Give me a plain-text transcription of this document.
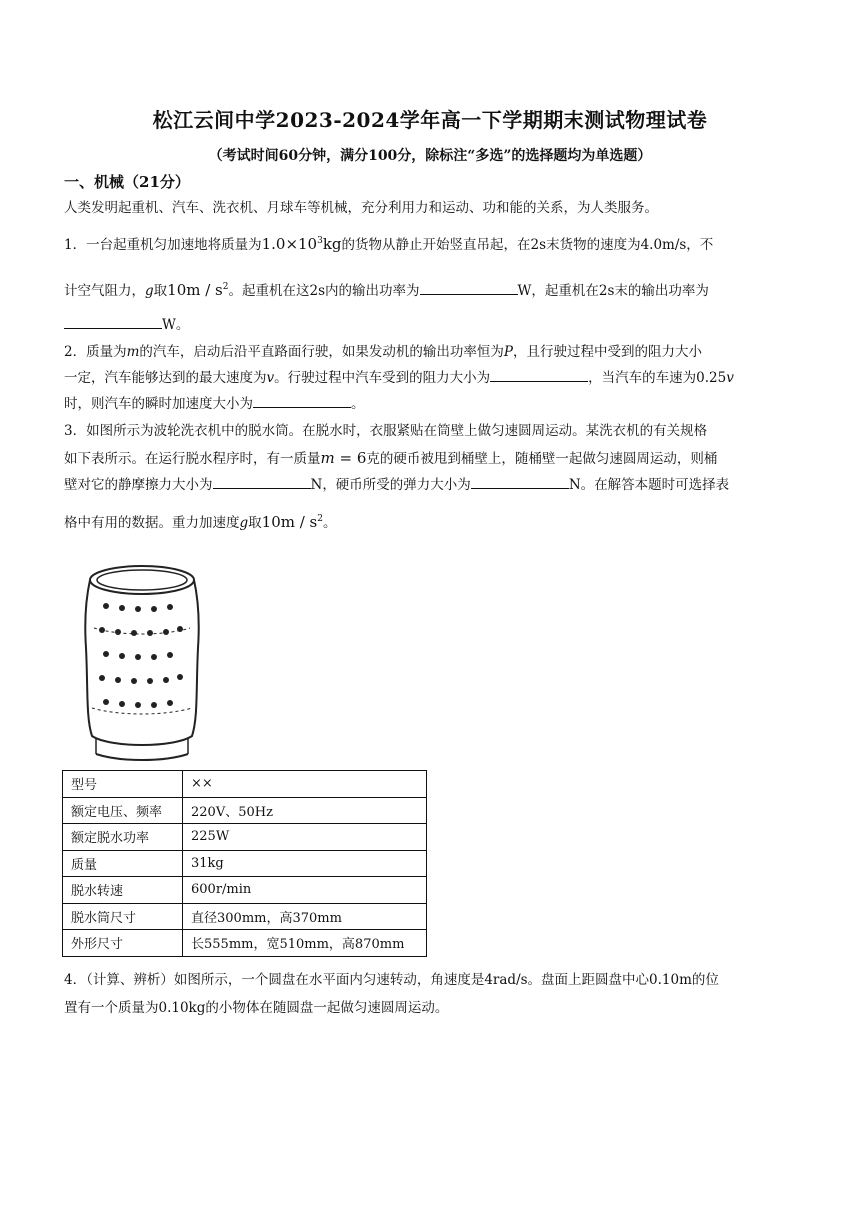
松江云间中学2023-2024学年高一下学期期末测试物理试卷
（考试时间60分钟，满分100分，除标注“多选”的选择题均为单选题）
一、机械（21分）
人类发明起重机、汽车、洗衣机、月球车等机械，充分利用力和运动、功和能的关系，为人类服务。
1．一台起重机匀加速地将质量为$1.0\times 10^3kg$的货物从静止开始竖直吊起，在2s末货物的速度为4.0m/s，不
计空气阻力，g取$10m / s^2$。起重机在这2s内的输出功率为	W，起重机在2s末的输出功率为
W。
2．质量为m的汽车，启动后沿平直路面行驶，如果发动机的输出功率恒为P，且行驶过程中受到的阻力大小
一定，汽车能够达到的最大速度为v。行驶过程中汽车受到的阻力大小为	，当汽车的车速为0.25v
时，则汽车的瞬时加速度大小为	。
3．如图所示为波轮洗衣机中的脱水筒。在脱水时，衣服紧贴在筒壁上做匀速圆周运动。某洗衣机的有关规格
如下表所示。在运行脱水程序时，有一质量m = 6克的硬币被甩到桶壁上，随桶壁一起做匀速圆周运动，则桶
壁对它的静摩擦力大小为	N，硬币所受的弹力大小为	N。在解答本题时可选择表
格中有用的数据。重力加速度g取$10m / s^2$。
型号	××
额定电压、频率	220V、50Hz
额定脱水功率	225W
质量	31kg
脱水转速	600r/min
脱水筒尺寸	直径300mm，高370mm
外形尺寸	长555mm，宽510mm，高870mm
4．（计算、辨析）如图所示，一个圆盘在水平面内匀速转动，角速度是4rad/s。盘面上距圆盘中心0.10m的位
置有一个质量为0.10kg的小物体在随圆盘一起做匀速圆周运动。
